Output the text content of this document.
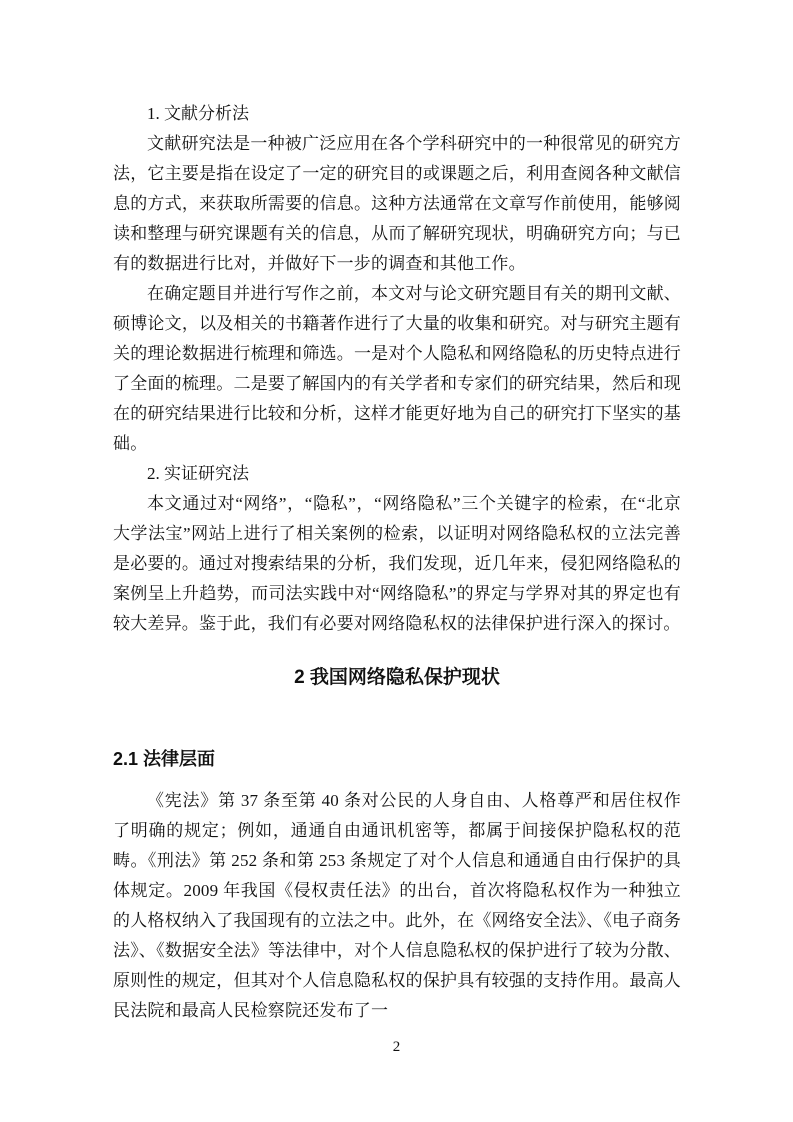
1. 文献分析法

文献研究法是一种被广泛应用在各个学科研究中的一种很常见的研究方法，它主要是指在设定了一定的研究目的或课题之后，利用查阅各种文献信息的方式，来获取所需要的信息。这种方法通常在文章写作前使用，能够阅读和整理与研究课题有关的信息，从而了解研究现状，明确研究方向；与已有的数据进行比对，并做好下一步的调查和其他工作。

在确定题目并进行写作之前，本文对与论文研究题目有关的期刊文献、硕博论文，以及相关的书籍著作进行了大量的收集和研究。对与研究主题有关的理论数据进行梳理和筛选。一是对个人隐私和网络隐私的历史特点进行了全面的梳理。二是要了解国内的有关学者和专家们的研究结果，然后和现在的研究结果进行比较和分析，这样才能更好地为自己的研究打下坚实的基础。

2. 实证研究法

本文通过对“网络”，“隐私”，“网络隐私”三个关键字的检索，在“北京大学法宝”网站上进行了相关案例的检索，以证明对网络隐私权的立法完善是必要的。通过对搜索结果的分析，我们发现，近几年来，侵犯网络隐私的案例呈上升趋势，而司法实践中对“网络隐私”的界定与学界对其的界定也有较大差异。鉴于此，我们有必要对网络隐私权的法律保护进行深入的探讨。

2 我国网络隐私保护现状
2.1 法律层面

《宪法》第 37 条至第 40 条对公民的人身自由、人格尊严和居住权作了明确的规定；例如，通通自由通讯机密等，都属于间接保护隐私权的范畴。《刑法》第 252 条和第 253 条规定了对个人信息和通通自由行保护的具体规定。2009 年我国《侵权责任法》的出台，首次将隐私权作为一种独立的人格权纳入了我国现有的立法之中。此外，在《网络安全法》、《电子商务法》、《数据安全法》等法律中，对个人信息隐私权的保护进行了较为分散、原则性的规定，但其对个人信息隐私权的保护具有较强的支持作用。最高人民法院和最高人民检察院还发布了一

2
